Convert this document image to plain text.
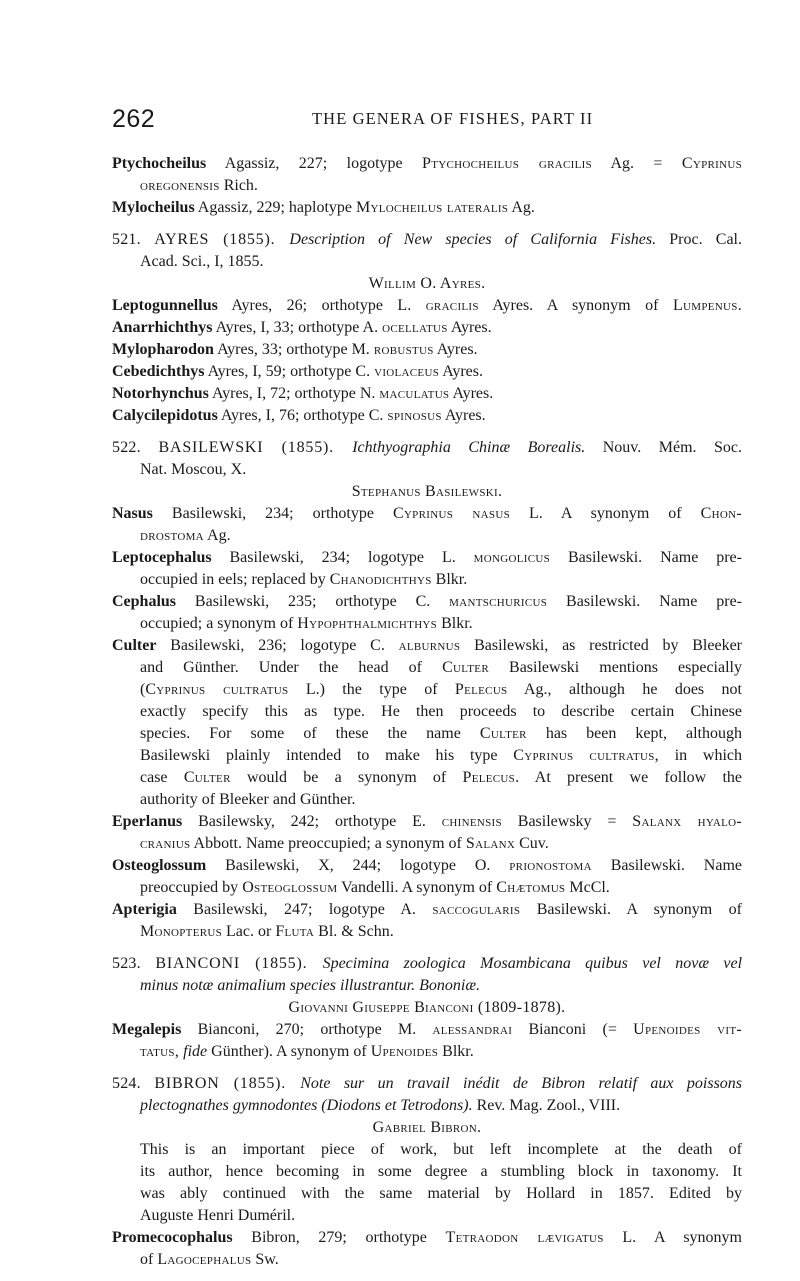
262	THE GENERA OF FISHES, PART II
Ptychocheilus Agassiz, 227; logotype Ptychocheilus gracilis Ag. = Cyprinus
oregonensis Rich.
Mylocheilus Agassiz, 229; haplotype Mylocheilus lateralis Ag.
521. AYRES (1855). Description of New species of California Fishes. Proc. Cal.
Acad. Sci., I, 1855.
Willim O. Ayres.
Leptogunnellus Ayres, 26; orthotype L. gracilis Ayres. A synonym of Lumpenus.
Anarrhichthys Ayres, I, 33; orthotype A. ocellatus Ayres.
Mylopharodon Ayres, 33; orthotype M. robustus Ayres.
Cebedichthys Ayres, I, 59; orthotype C. violaceus Ayres.
Notorhynchus Ayres, I, 72; orthotype N. maculatus Ayres.
Calycilepidotus Ayres, I, 76; orthotype C. spinosus Ayres.
522. BASILEWSKI (1855). Ichthyographia Chinæ Borealis. Nouv. Mém. Soc.
Nat. Moscou, X.
Stephanus Basilewski.
Nasus Basilewski, 234; orthotype Cyprinus nasus L. A synonym of Chon-
drostoma Ag.
Leptocephalus Basilewski, 234; logotype L. mongolicus Basilewski. Name pre-
occupied in eels; replaced by Chanodichthys Blkr.
Cephalus Basilewski, 235; orthotype C. mantschuricus Basilewski. Name pre-
occupied; a synonym of Hypophthalmichthys Blkr.
Culter Basilewski, 236; logotype C. alburnus Basilewski, as restricted by Bleeker
and Günther. Under the head of Culter Basilewski mentions especially
(Cyprinus cultratus L.) the type of Pelecus Ag., although he does not
exactly specify this as type. He then proceeds to describe certain Chinese
species. For some of these the name Culter has been kept, although
Basilewski plainly intended to make his type Cyprinus cultratus, in which
case Culter would be a synonym of Pelecus. At present we follow the
authority of Bleeker and Günther.
Eperlanus Basilewsky, 242; orthotype E. chinensis Basilewsky = Salanx hyalo-
cranius Abbott. Name preoccupied; a synonym of Salanx Cuv.
Osteoglossum Basilewski, X, 244; logotype O. prionostoma Basilewski. Name
preoccupied by Osteoglossum Vandelli. A synonym of Chætomus McCl.
Apterigia Basilewski, 247; logotype A. saccogularis Basilewski. A synonym of
Monopterus Lac. or Fluta Bl. & Schn.
523. BIANCONI (1855). Specimina zoologica Mosambicana quibus vel novæ vel
minus notæ animalium species illustrantur. Bononiæ.
Giovanni Giuseppe Bianconi (1809-1878).
Megalepis Bianconi, 270; orthotype M. alessandrai Bianconi (= Upenoides vit-
tatus, fide Günther). A synonym of Upenoides Blkr.
524. BIBRON (1855). Note sur un travail inédit de Bibron relatif aux poissons
plectognathes gymnodontes (Diodons et Tetrodons). Rev. Mag. Zool., VIII.
Gabriel Bibron.
This is an important piece of work, but left incomplete at the death of
its author, hence becoming in some degree a stumbling block in taxonomy. It
was ably continued with the same material by Hollard in 1857. Edited by
Auguste Henri Duméril.
Promecocophalus Bibron, 279; orthotype Tetraodon lævigatus L. A synonym
of Lagocephalus Sw.
